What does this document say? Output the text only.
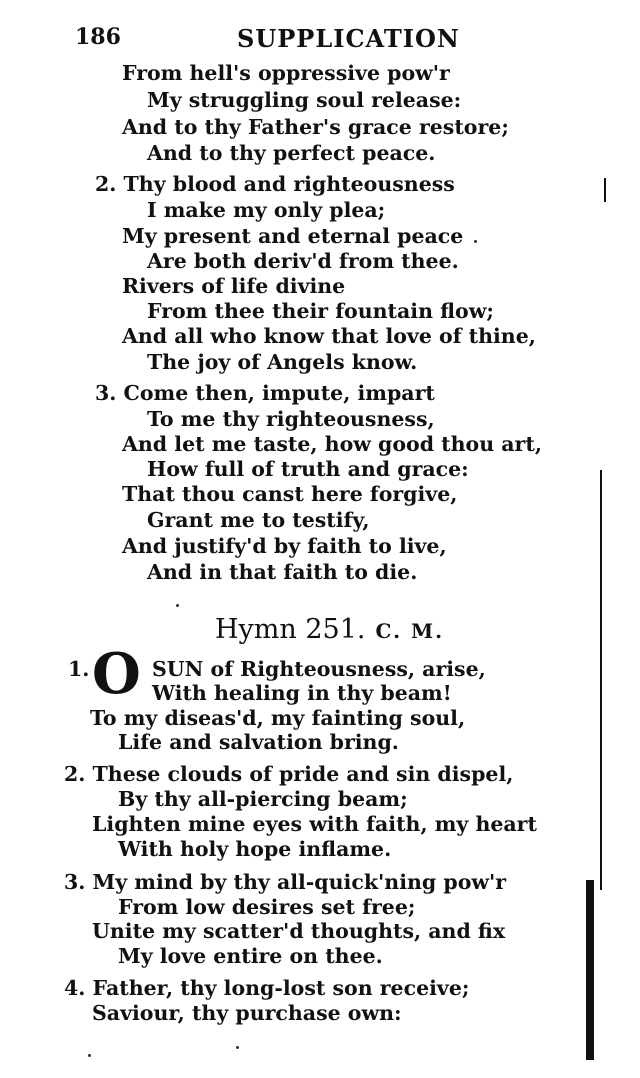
186	SUPPLICATION
From hell's oppressive pow'r
My struggling soul release:
And to thy Father's grace restore;
And to thy perfect peace.
2. Thy blood and righteousness
I make my only plea;
My present and eternal peace
Are both deriv'd from thee.
Rivers of life divine
From thee their fountain flow;
And all who know that love of thine,
The joy of Angels know.
3. Come then, impute, impart
To me thy righteousness,
And let me taste, how good thou art,
How full of truth and grace:
That thou canst here forgive,
Grant me to testify,
And justify'd by faith to live,
And in that faith to die.
Hymn 251. C. M.
1. O SUN of Righteousness, arise,
With healing in thy beam!
To my diseas'd, my fainting soul,
Life and salvation bring.
2. These clouds of pride and sin dispel,
By thy all-piercing beam;
Lighten mine eyes with faith, my heart
With holy hope inflame.
3. My mind by thy all-quick'ning pow'r
From low desires set free;
Unite my scatter'd thoughts, and fix
My love entire on thee.
4. Father, thy long-lost son receive;
Saviour, thy purchase own:
